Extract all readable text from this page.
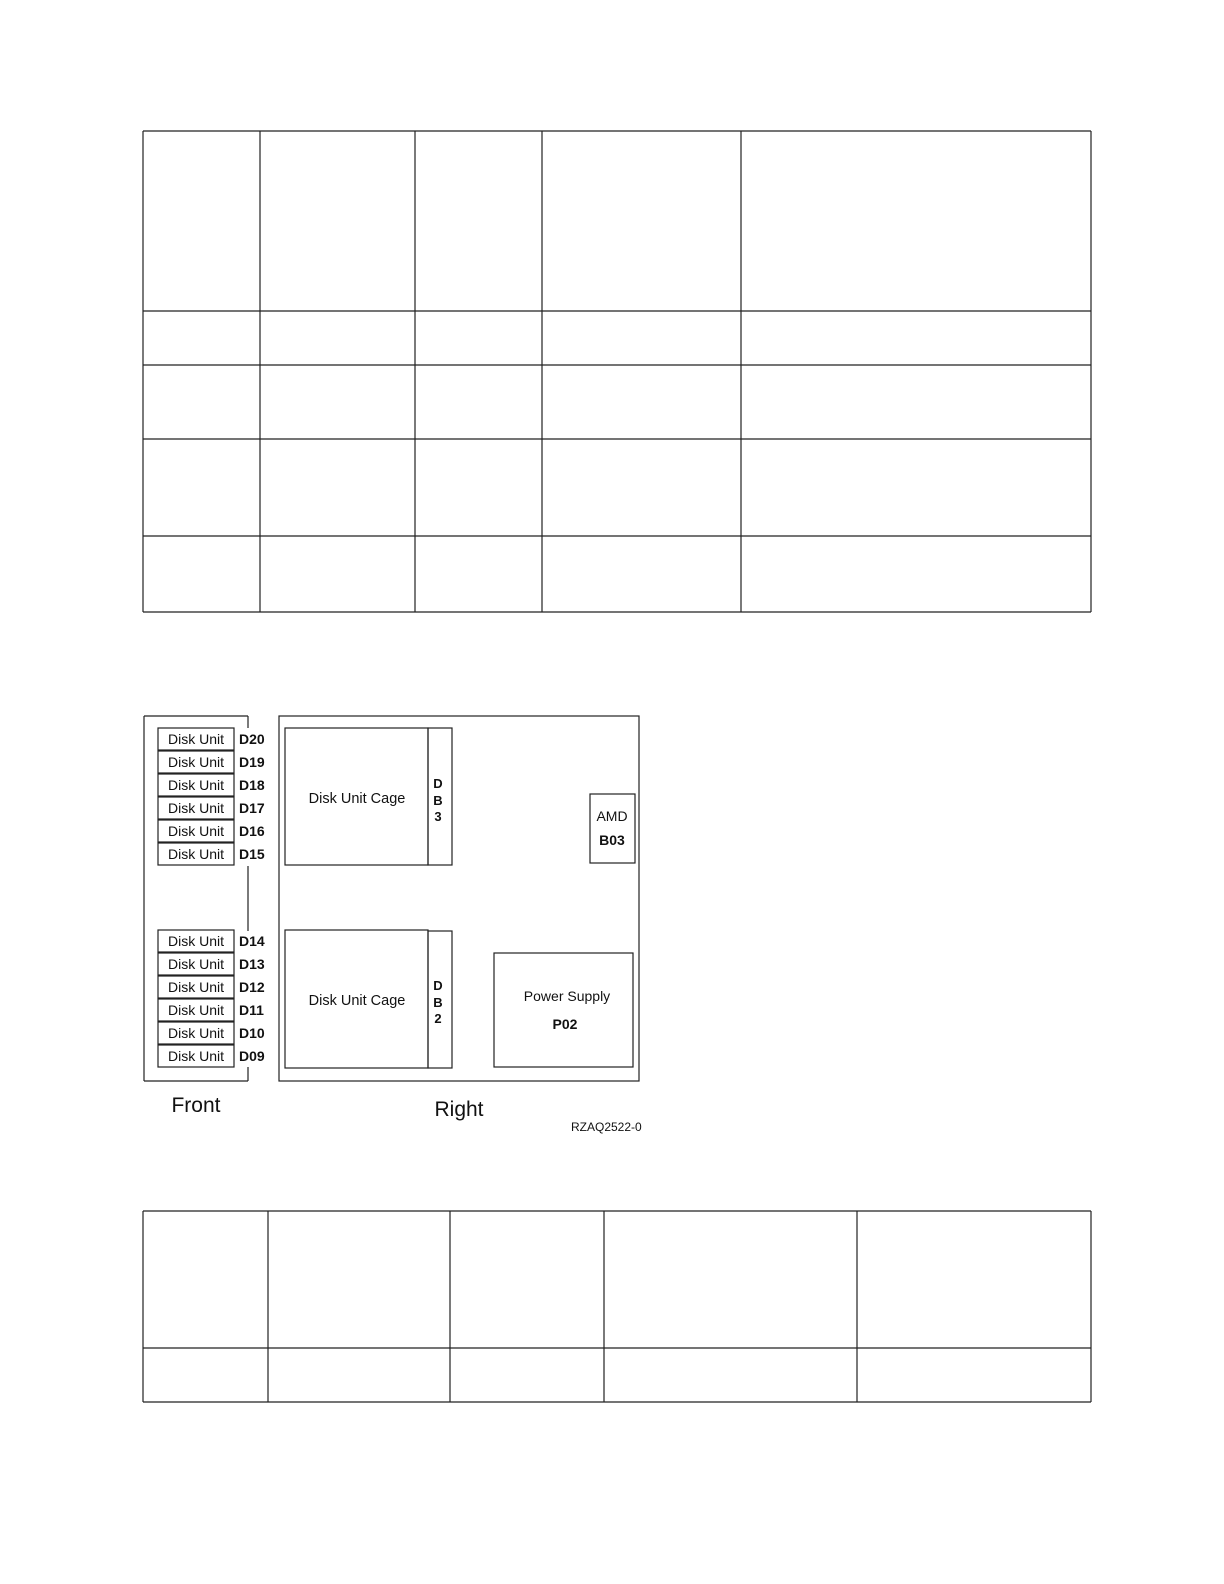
Disk Unit D20
Disk Unit D19
Disk Unit D18
Disk Unit D17
Disk Unit D16
Disk Unit D15
Disk Unit D14
Disk Unit D13
Disk Unit D12
Disk Unit D11
Disk Unit D10
Disk Unit D09
Disk Unit Cage
D
B
3
Disk Unit Cage
D
B
2
AMD
B03
Power Supply
P02
Front	Right
RZAQ2522-0
